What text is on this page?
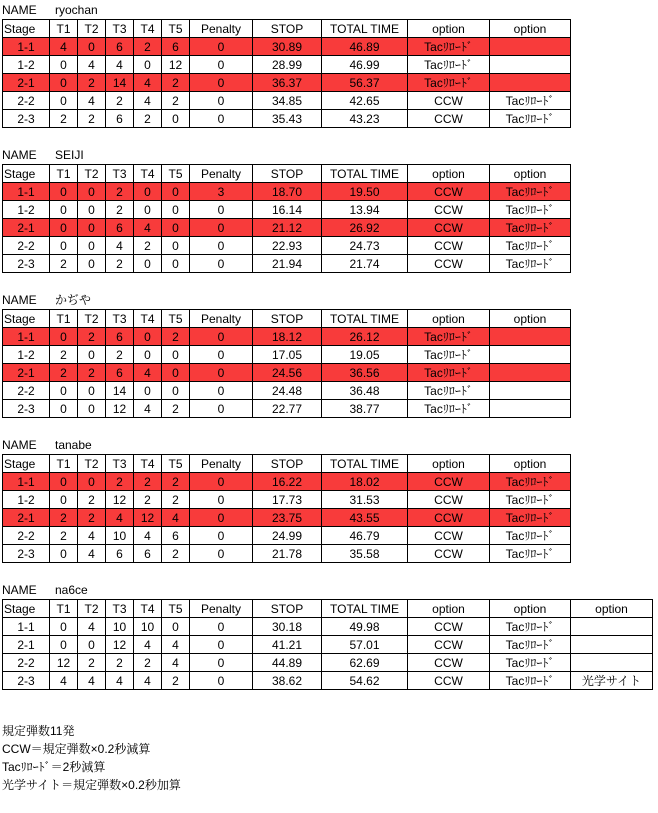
NAME ryochan
Stage	T1	T2	T3	T4	T5	Penalty	STOP	TOTAL TIME	option	option
1-1	4	0	6	2	6	0	30.89	46.89	Tacﾘﾛｰﾄﾞ	
1-2	0	4	4	0	12	0	28.99	46.99	Tacﾘﾛｰﾄﾞ	
2-1	0	2	14	4	2	0	36.37	56.37	Tacﾘﾛｰﾄﾞ	
2-2	0	4	2	4	2	0	34.85	42.65	CCW	Tacﾘﾛｰﾄﾞ
2-3	2	2	6	2	0	0	35.43	43.23	CCW	Tacﾘﾛｰﾄﾞ
NAME SEIJI
Stage	T1	T2	T3	T4	T5	Penalty	STOP	TOTAL TIME	option	option
1-1	0	0	2	0	0	3	18.70	19.50	CCW	Tacﾘﾛｰﾄﾞ
1-2	0	0	2	0	0	0	16.14	13.94	CCW	Tacﾘﾛｰﾄﾞ
2-1	0	0	6	4	0	0	21.12	26.92	CCW	Tacﾘﾛｰﾄﾞ
2-2	0	0	4	2	0	0	22.93	24.73	CCW	Tacﾘﾛｰﾄﾞ
2-3	2	0	2	0	0	0	21.94	21.74	CCW	Tacﾘﾛｰﾄﾞ
NAME かぢや
Stage	T1	T2	T3	T4	T5	Penalty	STOP	TOTAL TIME	option	option
1-1	0	2	6	0	2	0	18.12	26.12	Tacﾘﾛｰﾄﾞ	
1-2	2	0	2	0	0	0	17.05	19.05	Tacﾘﾛｰﾄﾞ	
2-1	2	2	6	4	0	0	24.56	36.56	Tacﾘﾛｰﾄﾞ	
2-2	0	0	14	0	0	0	24.48	36.48	Tacﾘﾛｰﾄﾞ	
2-3	0	0	12	4	2	0	22.77	38.77	Tacﾘﾛｰﾄﾞ	
NAME tanabe
Stage	T1	T2	T3	T4	T5	Penalty	STOP	TOTAL TIME	option	option
1-1	0	0	2	2	2	0	16.22	18.02	CCW	Tacﾘﾛｰﾄﾞ
1-2	0	2	12	2	2	0	17.73	31.53	CCW	Tacﾘﾛｰﾄﾞ
2-1	2	2	4	12	4	0	23.75	43.55	CCW	Tacﾘﾛｰﾄﾞ
2-2	2	4	10	4	6	0	24.99	46.79	CCW	Tacﾘﾛｰﾄﾞ
2-3	0	4	6	6	2	0	21.78	35.58	CCW	Tacﾘﾛｰﾄﾞ
NAME na6ce
Stage	T1	T2	T3	T4	T5	Penalty	STOP	TOTAL TIME	option	option	option
1-1	0	4	10	10	0	0	30.18	49.98	CCW	Tacﾘﾛｰﾄﾞ	
2-1	0	0	12	4	4	0	41.21	57.01	CCW	Tacﾘﾛｰﾄﾞ	
2-2	12	2	2	2	4	0	44.89	62.69	CCW	Tacﾘﾛｰﾄﾞ	
2-3	4	4	4	4	2	0	38.62	54.62	CCW	Tacﾘﾛｰﾄﾞ	光学サイト
規定弾数11発
CCW＝規定弾数×0.2秒減算
Tacﾘﾛｰﾄﾞ＝2秒減算
光学サイト＝規定弾数×0.2秒加算
